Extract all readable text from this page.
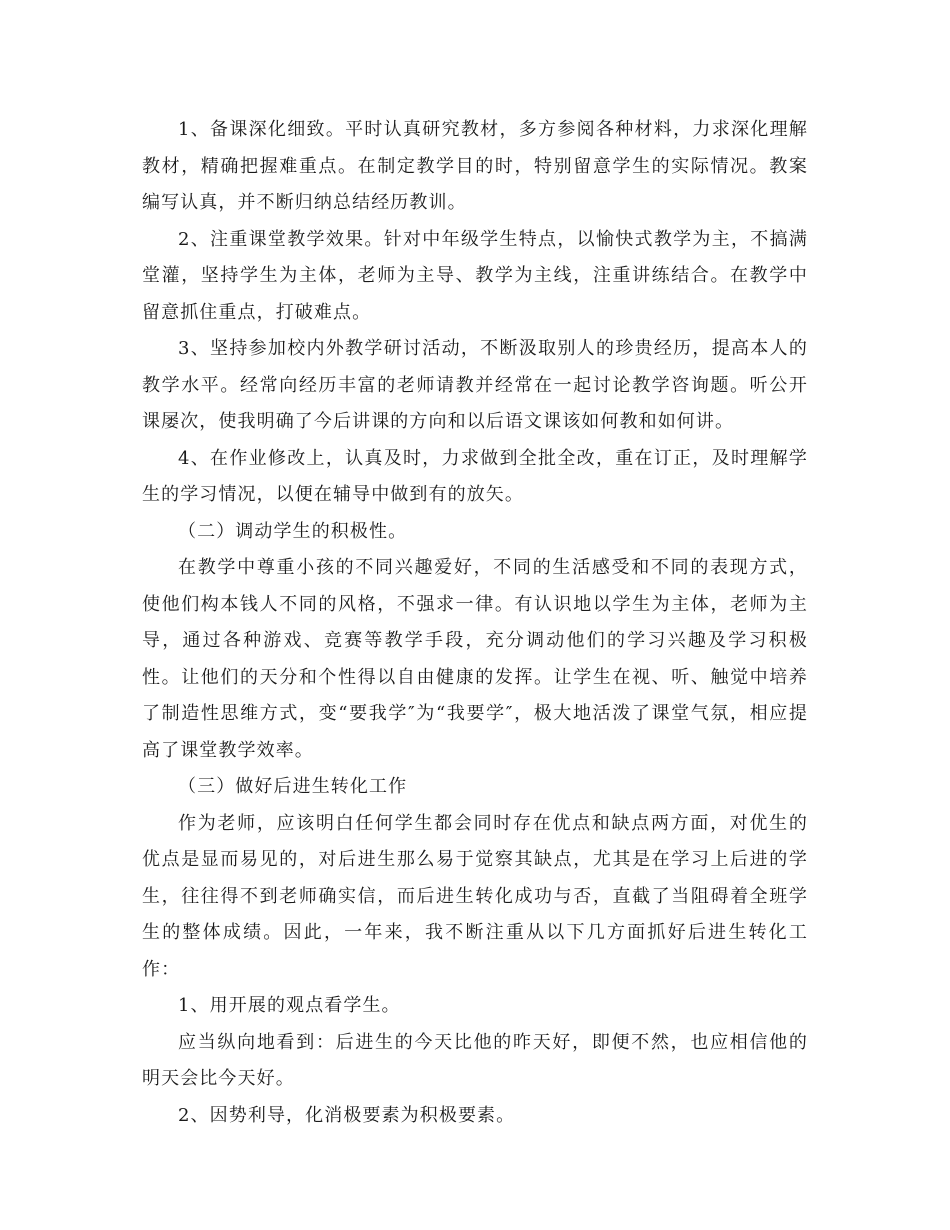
1、备课深化细致。平时认真研究教材，多方参阅各种材料，力求深化理解教材，精确把握难重点。在制定教学目的时，特别留意学生的实际情况。教案编写认真，并不断归纳总结经历教训。

2、注重课堂教学效果。针对中年级学生特点，以愉快式教学为主，不搞满堂灌，坚持学生为主体，老师为主导、教学为主线，注重讲练结合。在教学中留意抓住重点，打破难点。

3、坚持参加校内外教学研讨活动，不断汲取别人的珍贵经历，提高本人的教学水平。经常向经历丰富的老师请教并经常在一起讨论教学咨询题。听公开课屡次，使我明确了今后讲课的方向和以后语文课该如何教和如何讲。

4、在作业修改上，认真及时，力求做到全批全改，重在订正，及时理解学生的学习情况，以便在辅导中做到有的放矢。

（二）调动学生的积极性。

在教学中尊重小孩的不同兴趣爱好，不同的生活感受和不同的表现方式，使他们构本钱人不同的风格，不强求一律。有认识地以学生为主体，老师为主导，通过各种游戏、竞赛等教学手段，充分调动他们的学习兴趣及学习积极性。让他们的天分和个性得以自由健康的发挥。让学生在视、听、触觉中培养了制造性思维方式，变“要我学″为“我要学″，极大地活泼了课堂气氛，相应提高了课堂教学效率。

（三）做好后进生转化工作

作为老师，应该明白任何学生都会同时存在优点和缺点两方面，对优生的优点是显而易见的，对后进生那么易于觉察其缺点，尤其是在学习上后进的学生，往往得不到老师确实信，而后进生转化成功与否，直截了当阻碍着全班学生的整体成绩。因此，一年来，我不断注重从以下几方面抓好后进生转化工作：

1、用开展的观点看学生。

应当纵向地看到：后进生的今天比他的昨天好，即便不然，也应相信他的明天会比今天好。

2、因势利导，化消极要素为积极要素。
